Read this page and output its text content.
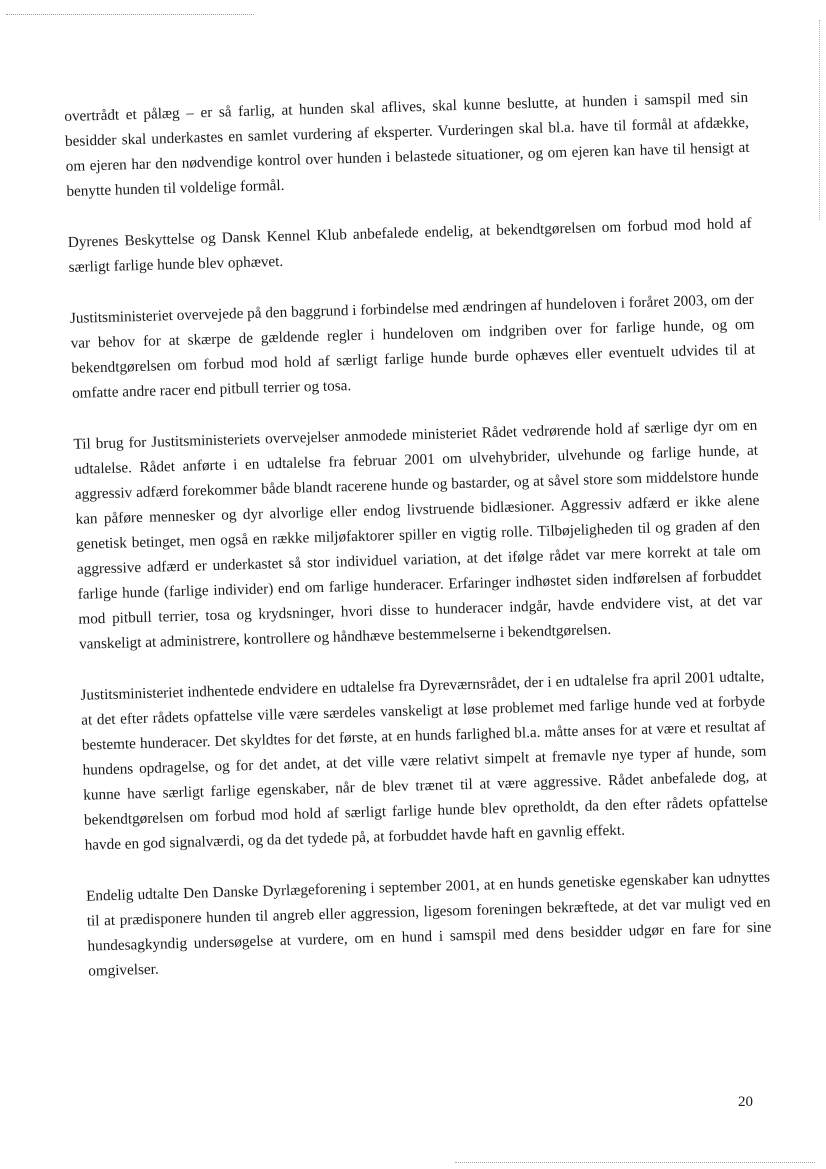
overtrådt et pålæg – er så farlig, at hunden skal aflives, skal kunne beslutte, at hunden i samspil med sin besidder skal underkastes en samlet vurdering af eksperter. Vurderingen skal bl.a. have til formål at afdække, om ejeren har den nødvendige kontrol over hunden i belastede situationer, og om ejeren kan have til hensigt at benytte hunden til voldelige formål.

Dyrenes Beskyttelse og Dansk Kennel Klub anbefalede endelig, at bekendtgørelsen om forbud mod hold af særligt farlige hunde blev ophævet.

Justitsministeriet overvejede på den baggrund i forbindelse med ændringen af hundeloven i foråret 2003, om der var behov for at skærpe de gældende regler i hundeloven om indgriben over for farlige hunde, og om bekendtgørelsen om forbud mod hold af særligt farlige hunde burde ophæves eller eventuelt udvides til at omfatte andre racer end pitbull terrier og tosa.

Til brug for Justitsministeriets overvejelser anmodede ministeriet Rådet vedrørende hold af særlige dyr om en udtalelse. Rådet anførte i en udtalelse fra februar 2001 om ulvehybrider, ulvehunde og farlige hunde, at aggressiv adfærd forekommer både blandt racerene hunde og bastarder, og at såvel store som middelstore hunde kan påføre mennesker og dyr alvorlige eller endog livstruende bidlæsioner. Aggressiv adfærd er ikke alene genetisk betinget, men også en række miljøfaktorer spiller en vigtig rolle. Tilbøjeligheden til og graden af den aggressive adfærd er underkastet så stor individuel variation, at det ifølge rådet var mere korrekt at tale om farlige hunde (farlige individer) end om farlige hunderacer. Erfaringer indhøstet siden indførelsen af forbuddet mod pitbull terrier, tosa og krydsninger, hvori disse to hunderacer indgår, havde endvidere vist, at det var vanskeligt at administrere, kontrollere og håndhæve bestemmelserne i bekendtgørelsen.

Justitsministeriet indhentede endvidere en udtalelse fra Dyreværnsrådet, der i en udtalelse fra april 2001 udtalte, at det efter rådets opfattelse ville være særdeles vanskeligt at løse problemet med farlige hunde ved at forbyde bestemte hunderacer. Det skyldtes for det første, at en hunds farlighed bl.a. måtte anses for at være et resultat af hundens opdragelse, og for det andet, at det ville være relativt simpelt at fremavle nye typer af hunde, som kunne have særligt farlige egenskaber, når de blev trænet til at være aggressive. Rådet anbefalede dog, at bekendtgørelsen om forbud mod hold af særligt farlige hunde blev opretholdt, da den efter rådets opfattelse havde en god signalværdi, og da det tydede på, at forbuddet havde haft en gavnlig effekt.

Endelig udtalte Den Danske Dyrlægeforening i september 2001, at en hunds genetiske egenskaber kan udnyttes til at prædisponere hunden til angreb eller aggression, ligesom foreningen bekræftede, at det var muligt ved en hundesagkyndig undersøgelse at vurdere, om en hund i samspil med dens besidder udgør en fare for sine omgivelser.

20
